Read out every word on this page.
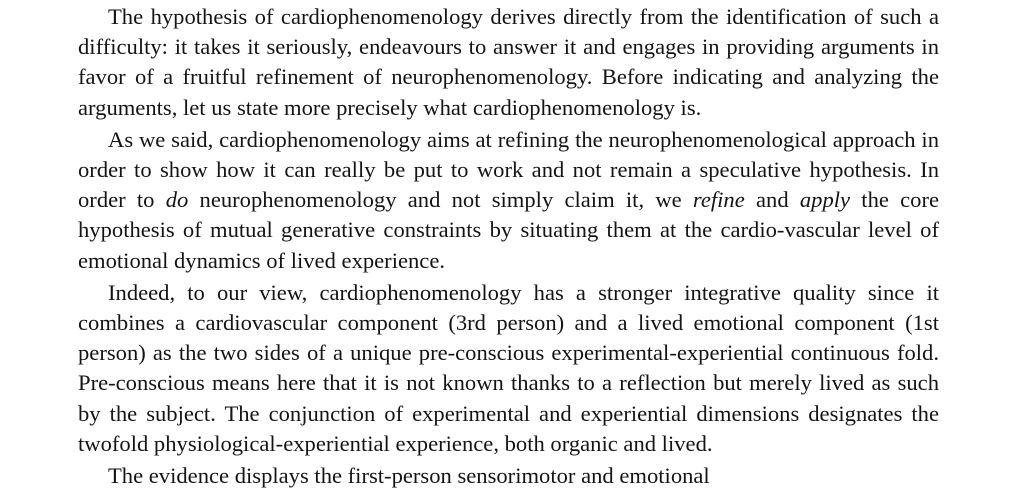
The hypothesis of cardiophenomenology derives directly from the identification of such a difficulty: it takes it seriously, endeavours to answer it and engages in providing arguments in favor of a fruitful refinement of neurophenomenology. Before indicating and analyzing the arguments, let us state more precisely what cardiophenomenology is.

As we said, cardiophenomenology aims at refining the neurophenomenological approach in order to show how it can really be put to work and not remain a speculative hypothesis. In order to do neurophenomenology and not simply claim it, we refine and apply the core hypothesis of mutual generative constraints by situating them at the cardio-vascular level of emotional dynamics of lived experience.

Indeed, to our view, cardiophenomenology has a stronger integrative quality since it combines a cardiovascular component (3rd person) and a lived emotional component (1st person) as the two sides of a unique pre-conscious experimental-experiential continuous fold. Pre-conscious means here that it is not known thanks to a reflection but merely lived as such by the subject. The conjunction of experimental and experiential dimensions designates the twofold physiological-experiential experience, both organic and lived.

The evidence displays the first-person sensorimotor and emotional
